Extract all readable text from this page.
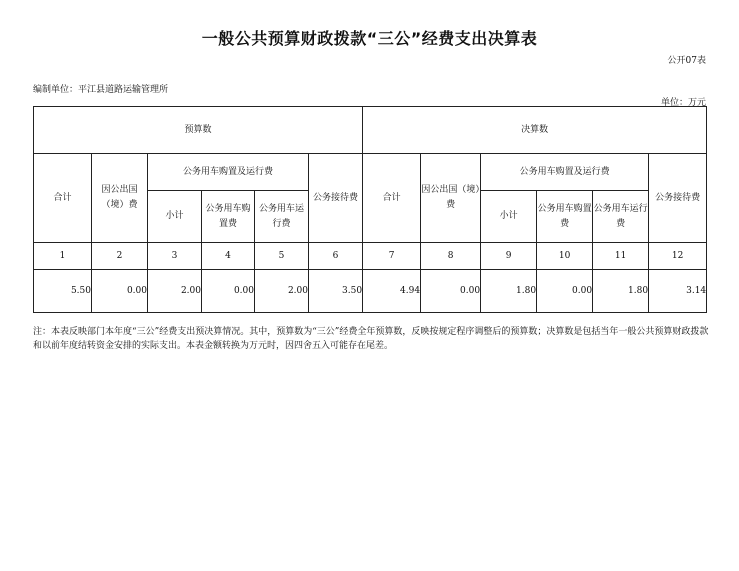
一般公共预算财政拨款“三公”经费支出决算表
公开07表
编制单位：平江县道路运输管理所
单位：万元
预算数						决算数					
合计	因公出国（境）费	公务用车购置及运行费			公务接待费	合计	因公出国（境）费	公务用车购置及运行费			公务接待费
		小计	公务用车购置费	公务用车运行费				小计	公务用车购置费	公务用车运行费	
1	2	3	4	5	6	7	8	9	10	11	12
5.50	0.00	2.00	0.00	2.00	3.50	4.94	0.00	1.80	0.00	1.80	3.14
注：本表反映部门本年度“三公”经费支出预决算情况。其中，预算数为“三公”经费全年预算数，反映按规定程序调整后的预算数；决算数是包括当年一般公共预算财政拨款和以前年度结转资金安排的实际支出。本表金额转换为万元时，因四舍五入可能存在尾差。
